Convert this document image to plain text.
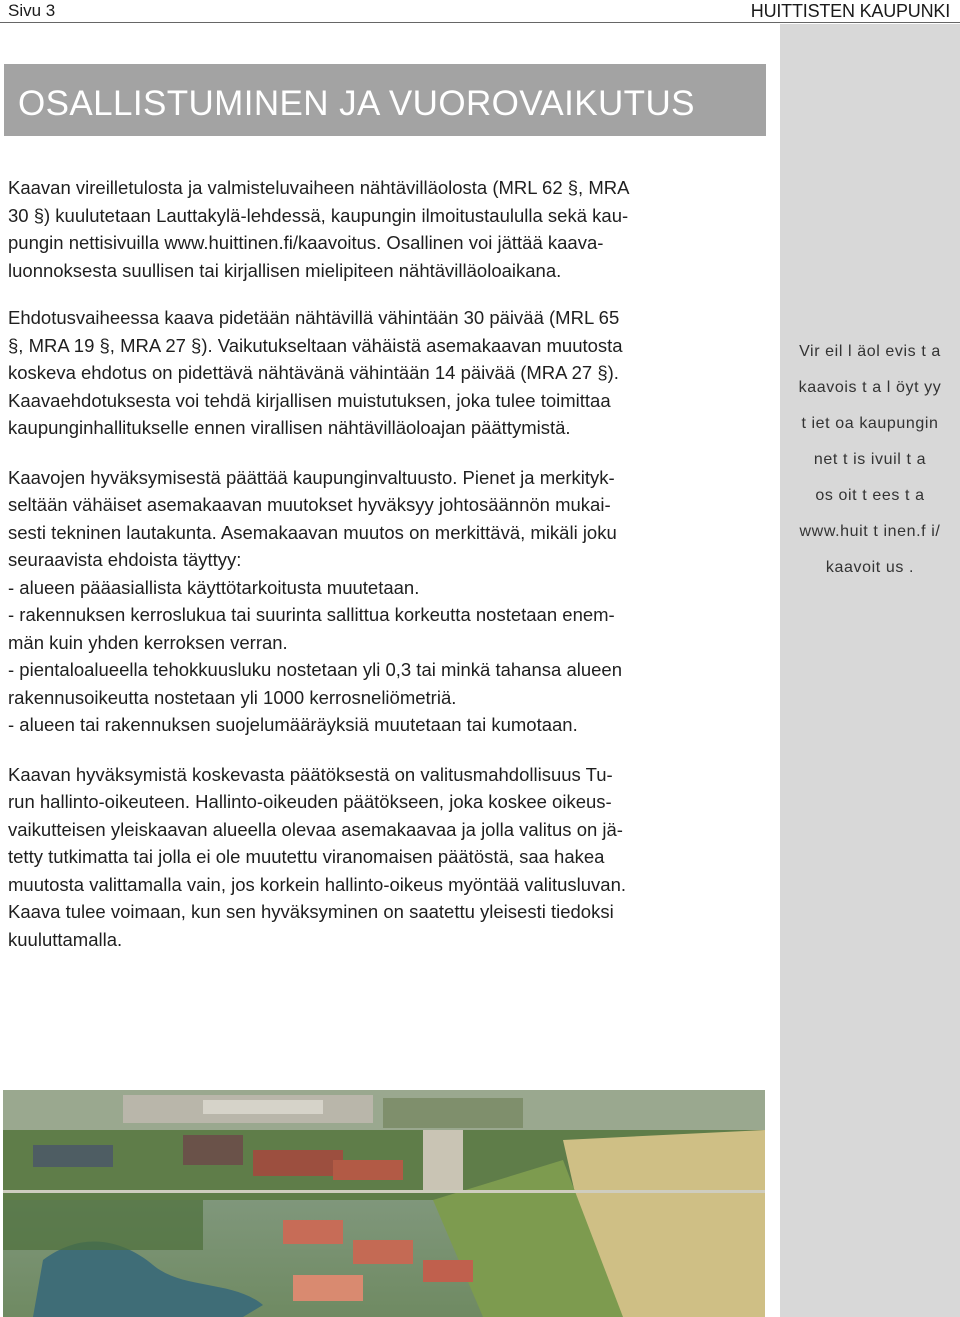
Sivu 3	HUITTISTEN KAUPUNKI
Vir eil l äol evis t a
kaavois t a l öyt yy
t iet oa kaupungin
net t is ivuil t a
os oit t ees t a
www.huit t inen.f i/
kaavoit us .
OSALLISTUMINEN JA VUOROVAIKUTUS

Kaavan vireilletulosta ja valmisteluvaiheen nähtävilläolosta (MRL 62 §, MRA
30 §) kuulutetaan Lauttakylä-lehdessä, kaupungin ilmoitustaululla sekä kau-
pungin nettisivuilla www.huittinen.fi/kaavoitus. Osallinen voi jättää kaava-
luonnoksesta suullisen tai kirjallisen mielipiteen nähtävilläoloaikana.

Ehdotusvaiheessa kaava pidetään nähtävillä vähintään 30 päivää (MRL 65
§, MRA 19 §, MRA 27 §). Vaikutukseltaan vähäistä asemakaavan muutosta
koskeva ehdotus on pidettävä nähtävänä vähintään 14 päivää (MRA 27 §).
Kaavaehdotuksesta voi tehdä kirjallisen muistutuksen, joka tulee toimittaa
kaupunginhallitukselle ennen virallisen nähtävilläoloajan päättymistä.

Kaavojen hyväksymisestä päättää kaupunginvaltuusto. Pienet ja merkityk-
seltään vähäiset asemakaavan muutokset hyväksyy johtosäännön mukai-
sesti tekninen lautakunta. Asemakaavan muutos on merkittävä, mikäli joku
seuraavista ehdoista täyttyy:
- alueen pääasiallista käyttötarkoitusta muutetaan.
- rakennuksen kerroslukua tai suurinta sallittua korkeutta nostetaan enem-
män kuin yhden kerroksen verran.
- pientaloalueella tehokkuusluku nostetaan yli 0,3 tai minkä tahansa alueen
rakennusoikeutta nostetaan yli 1000 kerrosneliömetriä.
- alueen tai rakennuksen suojelumääräyksiä muutetaan tai kumotaan.

Kaavan hyväksymistä koskevasta päätöksestä on valitusmahdollisuus Tu-
run hallinto-oikeuteen. Hallinto-oikeuden päätökseen, joka koskee oikeus-
vaikutteisen yleiskaavan alueella olevaa asemakaavaa ja jolla valitus on jä-
tetty tutkimatta tai jolla ei ole muutettu viranomaisen päätöstä, saa hakea
muutosta valittamalla vain, jos korkein hallinto-oikeus myöntää valitusluvan.
Kaava tulee voimaan, kun sen hyväksyminen on saatettu yleisesti tiedoksi
kuuluttamalla.
